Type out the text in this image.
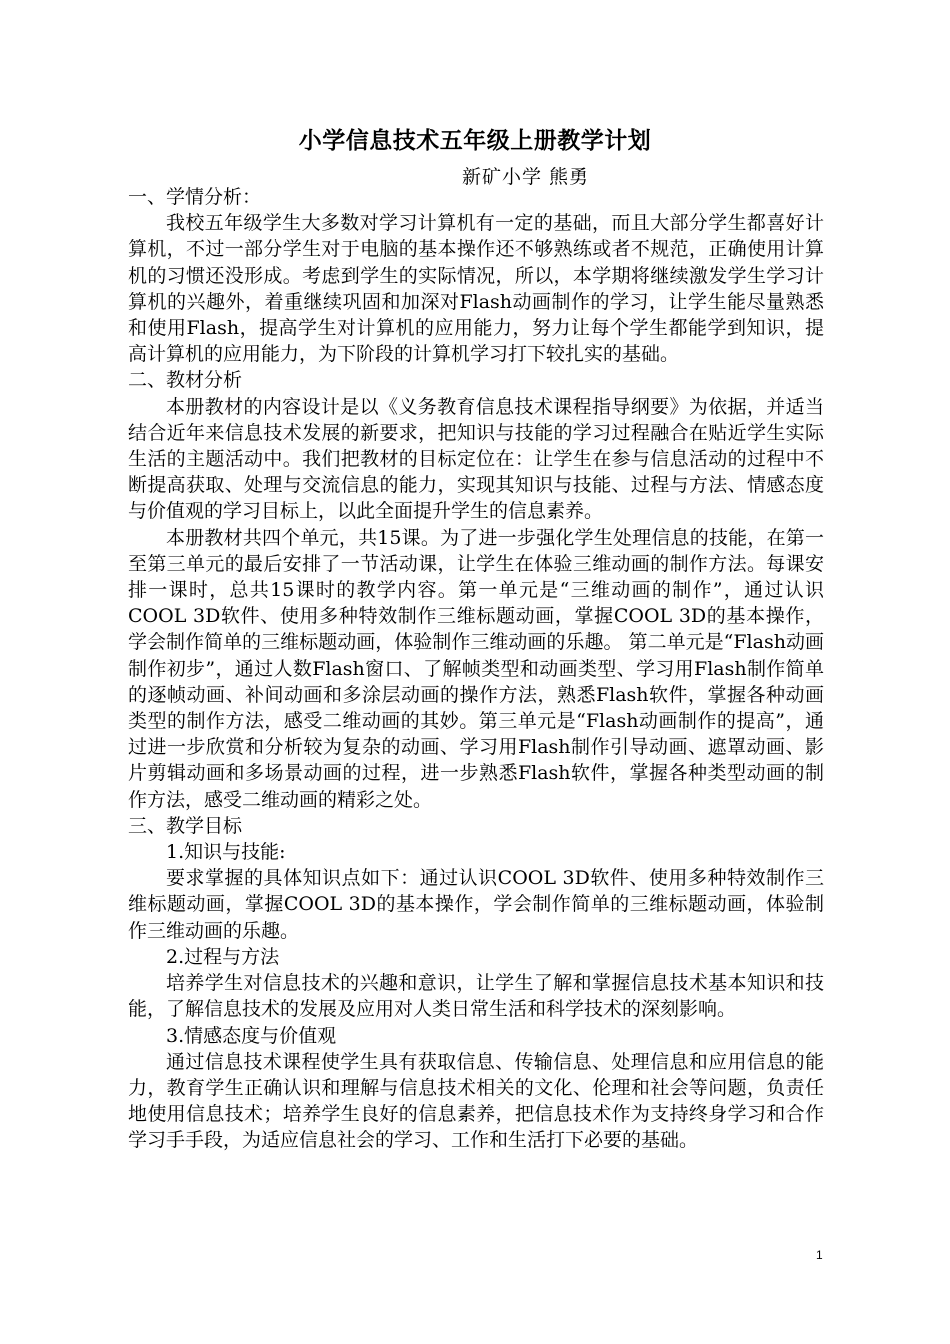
小学信息技术五年级上册教学计划
新矿小学 熊勇

一、学情分析：

我校五年级学生大多数对学习计算机有一定的基础，而且大部分学生都喜好计算机，不过一部分学生对于电脑的基本操作还不够熟练或者不规范，正确使用计算机的习惯还没形成。考虑到学生的实际情况，所以，本学期将继续激发学生学习计算机的兴趣外，着重继续巩固和加深对Flash动画制作的学习，让学生能尽量熟悉和使用Flash，提高学生对计算机的应用能力，努力让每个学生都能学到知识，提高计算机的应用能力，为下阶段的计算机学习打下较扎实的基础。

二、教材分析

本册教材的内容设计是以《义务教育信息技术课程指导纲要》为依据，并适当结合近年来信息技术发展的新要求，把知识与技能的学习过程融合在贴近学生实际生活的主题活动中。我们把教材的目标定位在：让学生在参与信息活动的过程中不断提高获取、处理与交流信息的能力，实现其知识与技能、过程与方法、情感态度与价值观的学习目标上，以此全面提升学生的信息素养。

本册教材共四个单元，共15课。为了进一步强化学生处理信息的技能，在第一至第三单元的最后安排了一节活动课，让学生在体验三维动画的制作方法。每课安排一课时，总共15课时的教学内容。第一单元是“三维动画的制作”，通过认识COOL 3D软件、使用多种特效制作三维标题动画，掌握COOL 3D的基本操作，学会制作简单的三维标题动画，体验制作三维动画的乐趣。 第二单元是“Flash动画制作初步”，通过人数Flash窗口、了解帧类型和动画类型、学习用Flash制作简单的逐帧动画、补间动画和多涂层动画的操作方法，熟悉Flash软件，掌握各种动画类型的制作方法，感受二维动画的其妙。第三单元是“Flash动画制作的提高”，通过进一步欣赏和分析较为复杂的动画、学习用Flash制作引导动画、遮罩动画、影片剪辑动画和多场景动画的过程，进一步熟悉Flash软件，掌握各种类型动画的制作方法，感受二维动画的精彩之处。

三、教学目标

1.知识与技能:

要求掌握的具体知识点如下：通过认识COOL 3D软件、使用多种特效制作三维标题动画，掌握COOL 3D的基本操作，学会制作简单的三维标题动画，体验制作三维动画的乐趣。

2.过程与方法

培养学生对信息技术的兴趣和意识，让学生了解和掌握信息技术基本知识和技能，了解信息技术的发展及应用对人类日常生活和科学技术的深刻影响。

3.情感态度与价值观

通过信息技术课程使学生具有获取信息、传输信息、处理信息和应用信息的能力，教育学生正确认识和理解与信息技术相关的文化、伦理和社会等问题，负责任地使用信息技术；培养学生良好的信息素养，把信息技术作为支持终身学习和合作学习手手段，为适应信息社会的学习、工作和生活打下必要的基础。

1
